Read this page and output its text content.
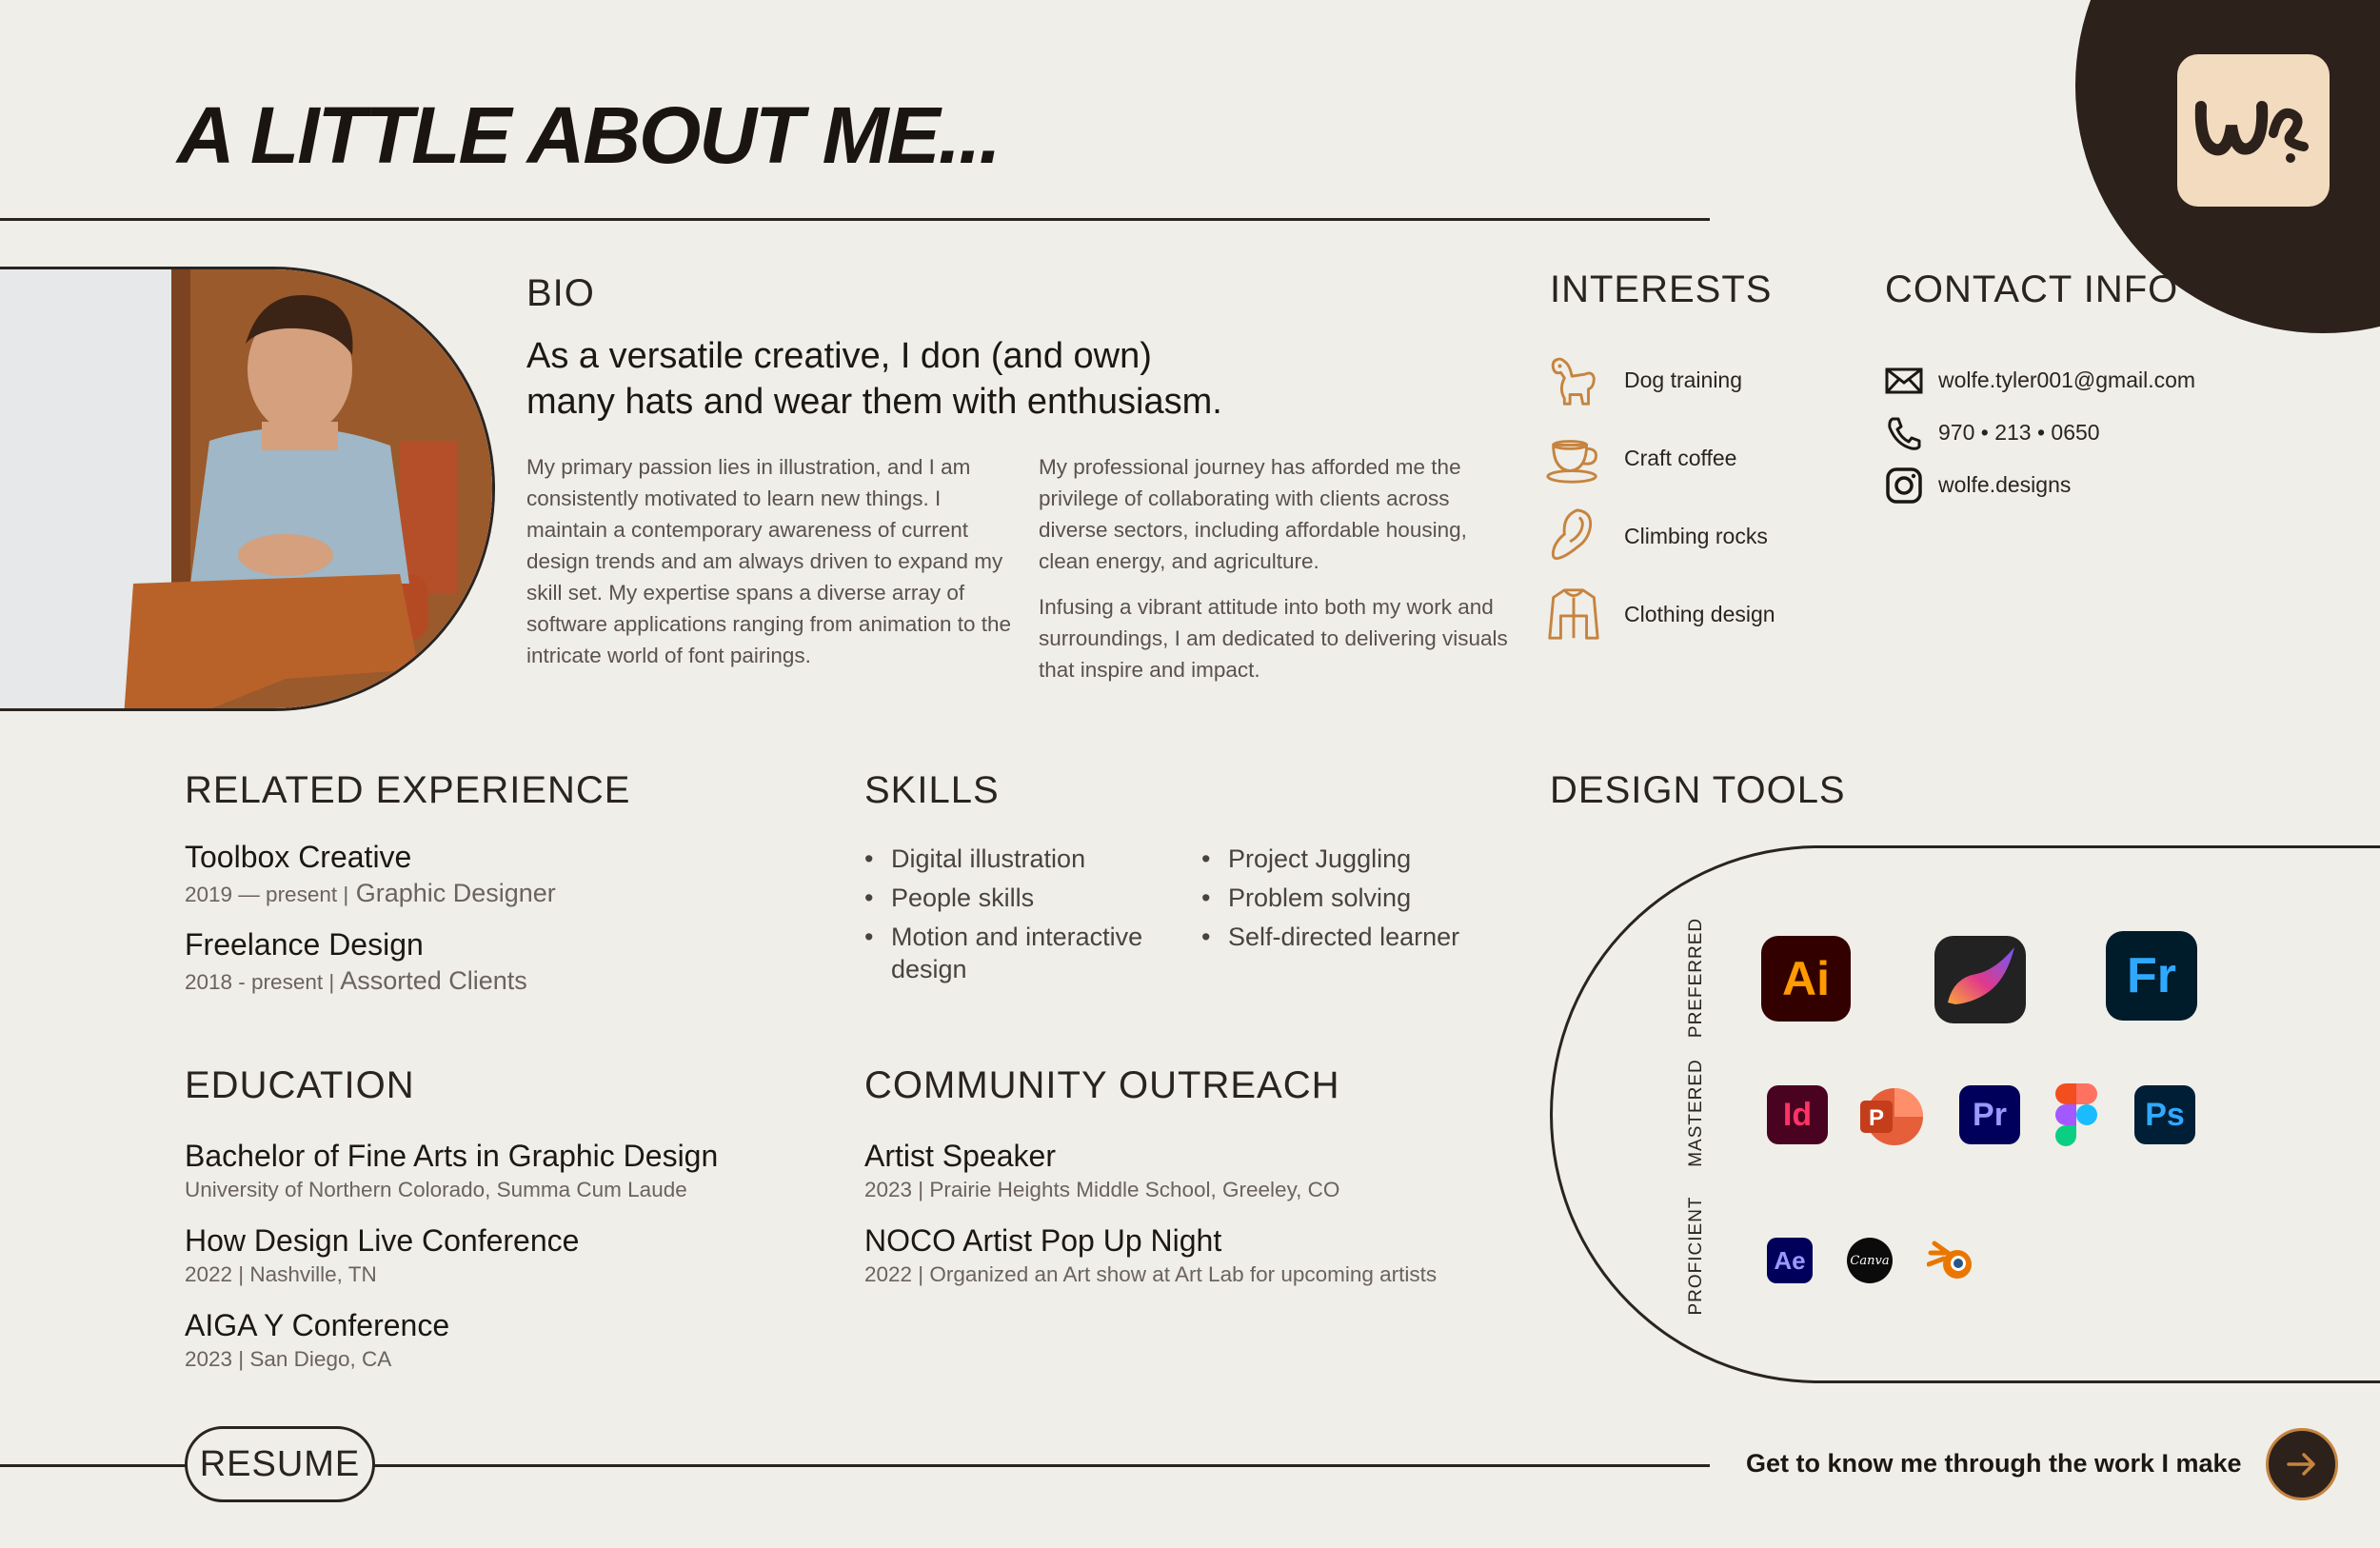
A LITTLE ABOUT ME...
BIO
As a versatile creative, I don (and own)
many hats and wear them with enthusiasm.
My primary passion lies in illustration, and I am consistently motivated to learn new things. I maintain a contemporary awareness of current design trends and am always driven to expand my skill set. My expertise spans a diverse array of software applications ranging from animation to the intricate world of font pairings.
My professional journey has afforded me the privilege of collaborating with clients across diverse sectors, including affordable housing, clean energy, and agriculture.
Infusing a vibrant attitude into both my work and surroundings, I am dedicated to delivering visuals that inspire and impact.
INTERESTS
Dog training
Craft coffee
Climbing rocks
Clothing design
CONTACT INFO
wolfe.tyler001@gmail.com
970 • 213 • 0650
wolfe.designs
RELATED EXPERIENCE
Toolbox Creative
2019 — present | Graphic Designer
Freelance Design
2018 - present | Assorted Clients
SKILLS
• Digital illustration
• People skills
• Motion and interactive design
• Project Juggling
• Problem solving
• Self-directed learner
EDUCATION
Bachelor of Fine Arts in Graphic Design
University of Northern Colorado, Summa Cum Laude
How Design Live Conference
2022 | Nashville, TN
AIGA Y Conference
2023 | San Diego, CA
COMMUNITY OUTREACH
Artist Speaker
2023 | Prairie Heights Middle School, Greeley, CO
NOCO Artist Pop Up Night
2022 | Organized an Art show at Art Lab for upcoming artists
DESIGN TOOLS
PREFERRED
MASTERED
PROFICIENT
Ai	Fr
Id P	Pr	Ps
Ae	Canva
RESUME	Get to know me through the work I make
